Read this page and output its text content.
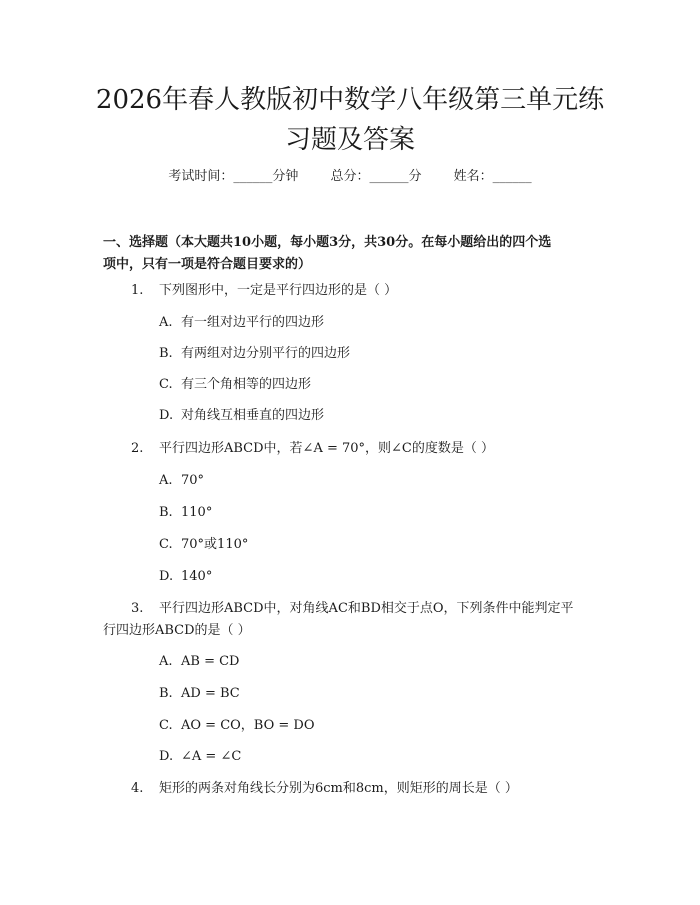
2026年春人教版初中数学八年级第三单元练
习题及答案
考试时间：______分钟 总分：______分 姓名：______
一、选择题（本大题共10小题，每小题3分，共30分。在每小题给出的四个选
项中，只有一项是符合题目要求的）
1. 下列图形中，一定是平行四边形的是（ ）
A. 有一组对边平行的四边形
B. 有两组对边分别平行的四边形
C. 有三个角相等的四边形
D. 对角线互相垂直的四边形
2. 平行四边形ABCD中，若∠A = 70°，则∠C的度数是（ ）
A. 70°
B. 110°
C. 70°或110°
D. 140°
3. 平行四边形ABCD中，对角线AC和BD相交于点O，下列条件中能判定平
行四边形ABCD的是（ ）
A. AB = CD
B. AD = BC
C. AO = CO，BO = DO
D. ∠A = ∠C
4. 矩形的两条对角线长分别为6cm和8cm，则矩形的周长是（ ）
